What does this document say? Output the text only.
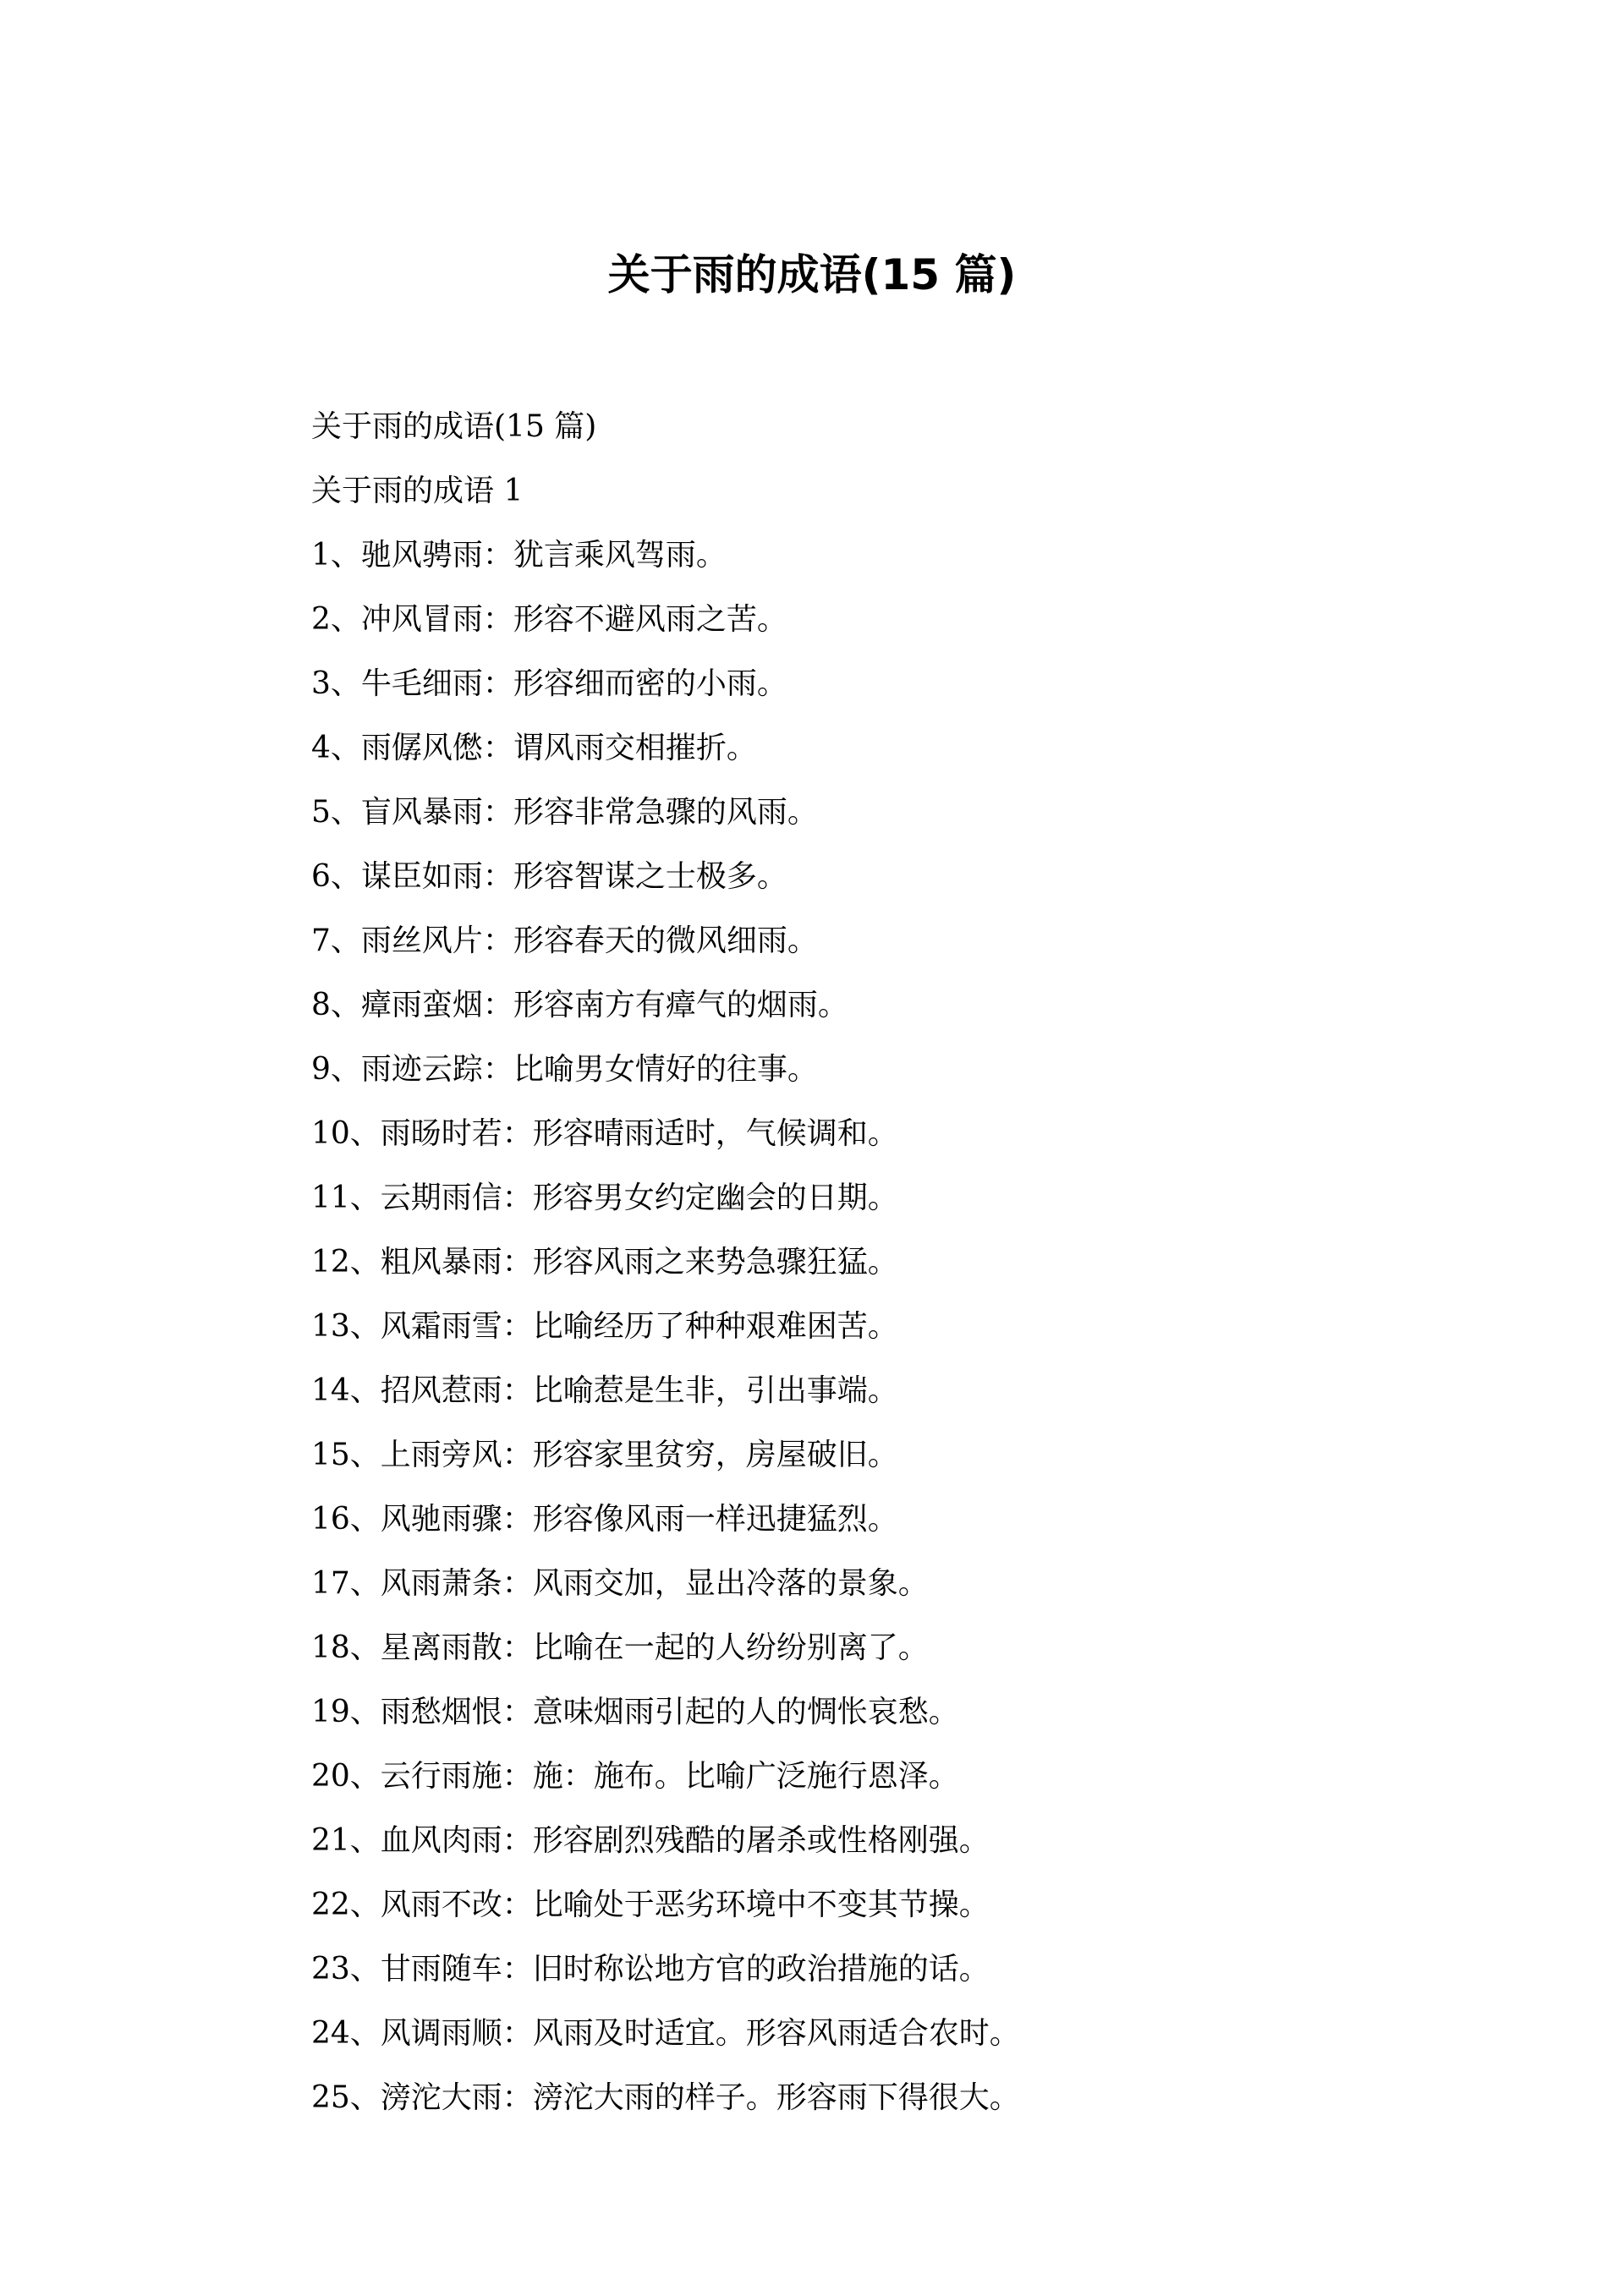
关于雨的成语(15 篇)

关于雨的成语(15 篇)

关于雨的成语 1

1、驰风骋雨：犹言乘风驾雨。
2、冲风冒雨：形容不避风雨之苦。
3、牛毛细雨：形容细而密的小雨。
4、雨僝风僽：谓风雨交相摧折。
5、盲风暴雨：形容非常急骤的风雨。
6、谋臣如雨：形容智谋之士极多。
7、雨丝风片：形容春天的微风细雨。
8、瘴雨蛮烟：形容南方有瘴气的烟雨。
9、雨迹云踪：比喻男女情好的往事。
10、雨旸时若：形容晴雨适时，气候调和。
11、云期雨信：形容男女约定幽会的日期。
12、粗风暴雨：形容风雨之来势急骤狂猛。
13、风霜雨雪：比喻经历了种种艰难困苦。
14、招风惹雨：比喻惹是生非，引出事端。
15、上雨旁风：形容家里贫穷，房屋破旧。
16、风驰雨骤：形容像风雨一样迅捷猛烈。
17、风雨萧条：风雨交加，显出冷落的景象。
18、星离雨散：比喻在一起的人纷纷别离了。
19、雨愁烟恨：意味烟雨引起的人的惆怅哀愁。
20、云行雨施：施：施布。比喻广泛施行恩泽。
21、血风肉雨：形容剧烈残酷的屠杀或性格刚强。
22、风雨不改：比喻处于恶劣环境中不变其节操。
23、甘雨随车：旧时称讼地方官的政治措施的话。
24、风调雨顺：风雨及时适宜。形容风雨适合农时。
25、滂沱大雨：滂沱大雨的样子。形容雨下得很大。
